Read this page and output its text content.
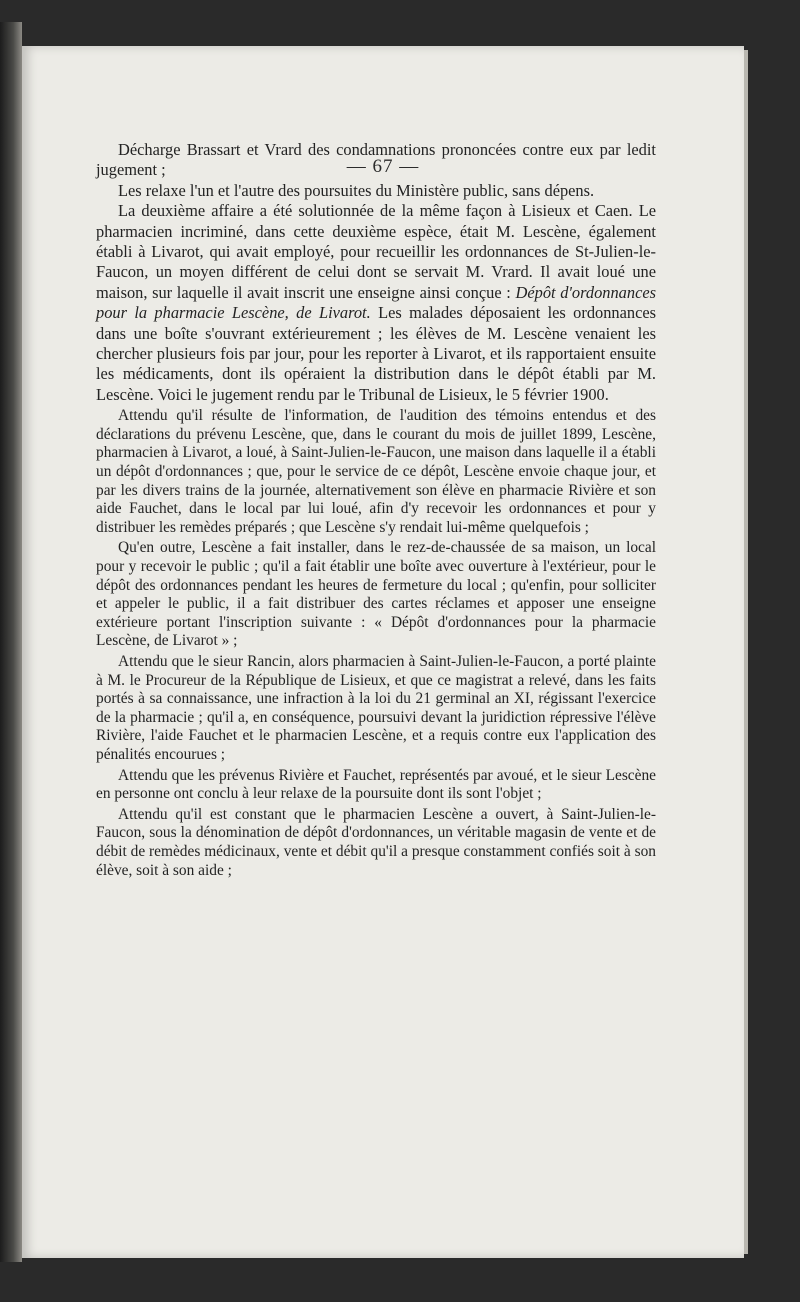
— 67 —

Décharge Brassart et Vrard des condamnations prononcées contre eux par ledit jugement ;

Les relaxe l'un et l'autre des poursuites du Ministère public, sans dépens.

La deuxième affaire a été solutionnée de la même façon à Lisieux et Caen. Le pharmacien incriminé, dans cette deuxième espèce, était M. Lescène, également établi à Livarot, qui avait employé, pour recueillir les ordonnances de St-Julien-le-Faucon, un moyen différent de celui dont se servait M. Vrard. Il avait loué une maison, sur laquelle il avait inscrit une enseigne ainsi conçue : Dépôt d'ordonnances pour la pharmacie Lescène, de Livarot. Les malades déposaient les ordonnances dans une boîte s'ouvrant extérieurement ; les élèves de M. Lescène venaient les chercher plusieurs fois par jour, pour les reporter à Livarot, et ils rapportaient ensuite les médicaments, dont ils opéraient la distribution dans le dépôt établi par M. Lescène. Voici le jugement rendu par le Tribunal de Lisieux, le 5 février 1900.

Attendu qu'il résulte de l'information, de l'audition des témoins entendus et des déclarations du prévenu Lescène, que, dans le courant du mois de juillet 1899, Lescène, pharmacien à Livarot, a loué, à Saint-Julien-le-Faucon, une maison dans laquelle il a établi un dépôt d'ordonnances ; que, pour le service de ce dépôt, Lescène envoie chaque jour, et par les divers trains de la journée, alternativement son élève en pharmacie Rivière et son aide Fauchet, dans le local par lui loué, afin d'y recevoir les ordonnances et pour y distribuer les remèdes préparés ; que Lescène s'y rendait lui-même quelquefois ;

Qu'en outre, Lescène a fait installer, dans le rez-de-chaussée de sa maison, un local pour y recevoir le public ; qu'il a fait établir une boîte avec ouverture à l'extérieur, pour le dépôt des ordonnances pendant les heures de fermeture du local ; qu'enfin, pour solliciter et appeler le public, il a fait distribuer des cartes réclames et apposer une enseigne extérieure portant l'inscription suivante : « Dépôt d'ordonnances pour la pharmacie Lescène, de Livarot » ;

Attendu que le sieur Rancin, alors pharmacien à Saint-Julien-le-Faucon, a porté plainte à M. le Procureur de la République de Lisieux, et que ce magistrat a relevé, dans les faits portés à sa connaissance, une infraction à la loi du 21 germinal an XI, régissant l'exercice de la pharmacie ; qu'il a, en conséquence, poursuivi devant la juridiction répressive l'élève Rivière, l'aide Fauchet et le pharmacien Lescène, et a requis contre eux l'application des pénalités encourues ;

Attendu que les prévenus Rivière et Fauchet, représentés par avoué, et le sieur Lescène en personne ont conclu à leur relaxe de la poursuite dont ils sont l'objet ;

Attendu qu'il est constant que le pharmacien Lescène a ouvert, à Saint-Julien-le-Faucon, sous la dénomination de dépôt d'ordonnances, un véritable magasin de vente et de débit de remèdes médicinaux, vente et débit qu'il a presque constamment confiés soit à son élève, soit à son aide ;
